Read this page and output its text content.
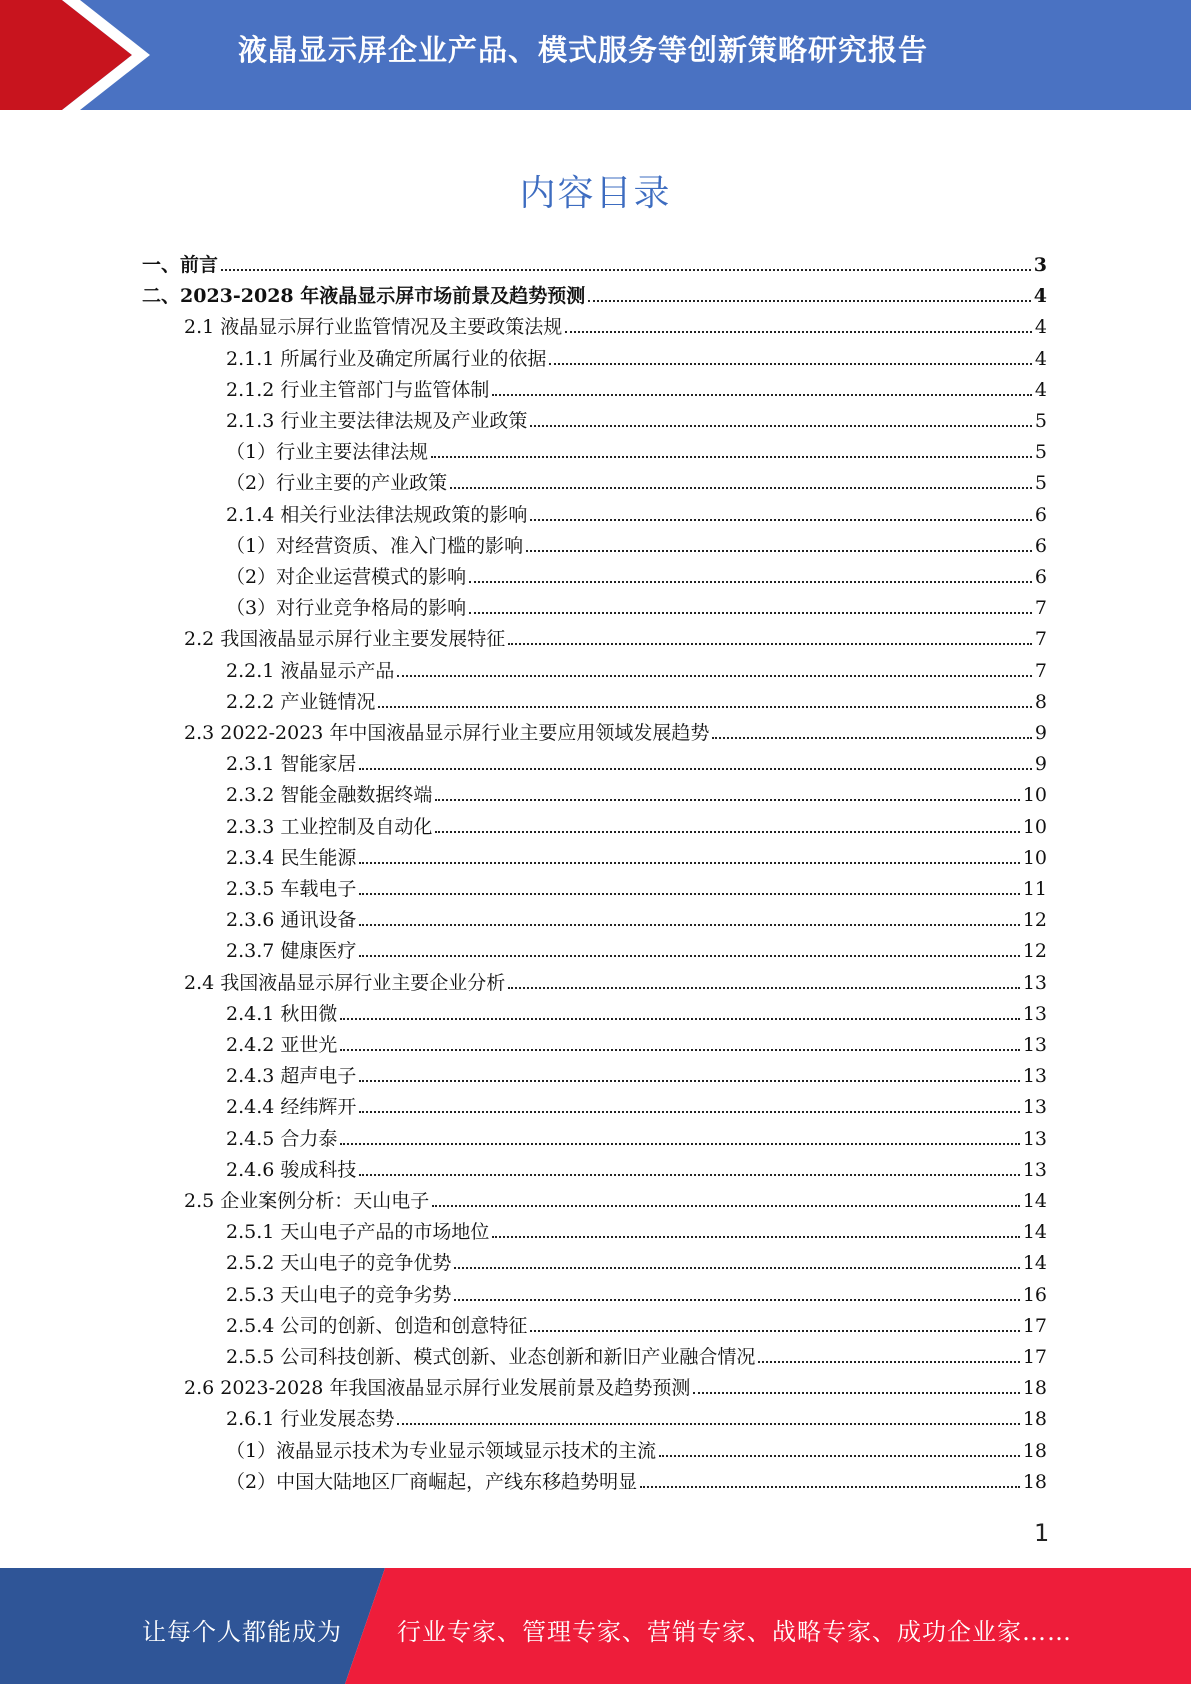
液晶显示屏企业产品、模式服务等创新策略研究报告
内容目录
一、前言	3
二、2023-2028 年液晶显示屏市场前景及趋势预测	4
2.1 液晶显示屏行业监管情况及主要政策法规	4
2.1.1 所属行业及确定所属行业的依据	4
2.1.2 行业主管部门与监管体制	4
2.1.3 行业主要法律法规及产业政策	5
（1）行业主要法律法规	5
（2）行业主要的产业政策	5
2.1.4 相关行业法律法规政策的影响	6
（1）对经营资质、准入门槛的影响	6
（2）对企业运营模式的影响	6
（3）对行业竞争格局的影响	7
2.2 我国液晶显示屏行业主要发展特征	7
2.2.1 液晶显示产品	7
2.2.2 产业链情况	8
2.3 2022-2023 年中国液晶显示屏行业主要应用领域发展趋势	9
2.3.1 智能家居	9
2.3.2 智能金融数据终端	10
2.3.3 工业控制及自动化	10
2.3.4 民生能源	10
2.3.5 车载电子	11
2.3.6 通讯设备	12
2.3.7 健康医疗	12
2.4 我国液晶显示屏行业主要企业分析	13
2.4.1 秋田微	13
2.4.2 亚世光	13
2.4.3 超声电子	13
2.4.4 经纬辉开	13
2.4.5 合力泰	13
2.4.6 骏成科技	13
2.5 企业案例分析：天山电子	14
2.5.1 天山电子产品的市场地位	14
2.5.2 天山电子的竞争优势	14
2.5.3 天山电子的竞争劣势	16
2.5.4 公司的创新、创造和创意特征	17
2.5.5 公司科技创新、模式创新、业态创新和新旧产业融合情况	17
2.6 2023-2028 年我国液晶显示屏行业发展前景及趋势预测	18
2.6.1 行业发展态势	18
（1）液晶显示技术为专业显示领域显示技术的主流	18
（2）中国大陆地区厂商崛起，产线东移趋势明显	18
1
让每个人都能成为 行业专家、管理专家、营销专家、战略专家、成功企业家……
